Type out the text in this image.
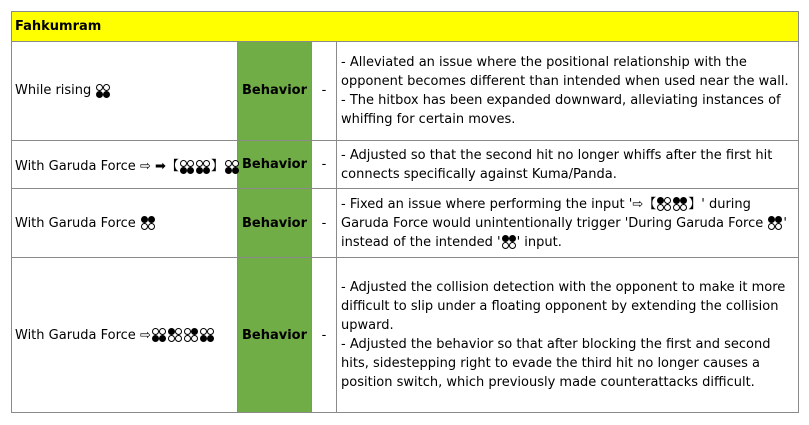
Fahkumram			
While rising	Behavior	-	- Alleviated an issue where the positional relationship with the opponent becomes different than intended when used near the wall.
- The hitbox has been expanded downward, alleviating instances of whiffing for certain moves.

With Garuda Force ⇨ ➡【 】	Behavior	-	- Adjusted so that the second hit no longer whiffs after the first hit connects specifically against Kuma/Panda.

With Garuda Force	Behavior	-	- Fixed an issue where performing the input '⇨【 】' during Garuda Force would unintentionally trigger 'During Garuda Force
' instead of the intended ' ' input.

With Garuda Force ⇨	Behavior	-	- Adjusted the collision detection with the opponent to make it more difficult to slip under a floating opponent by extending the collision upward.
- Adjusted the behavior so that after blocking the first and second hits, sidestepping right to evade the third hit no longer causes a position switch, which previously made counterattacks difficult.
